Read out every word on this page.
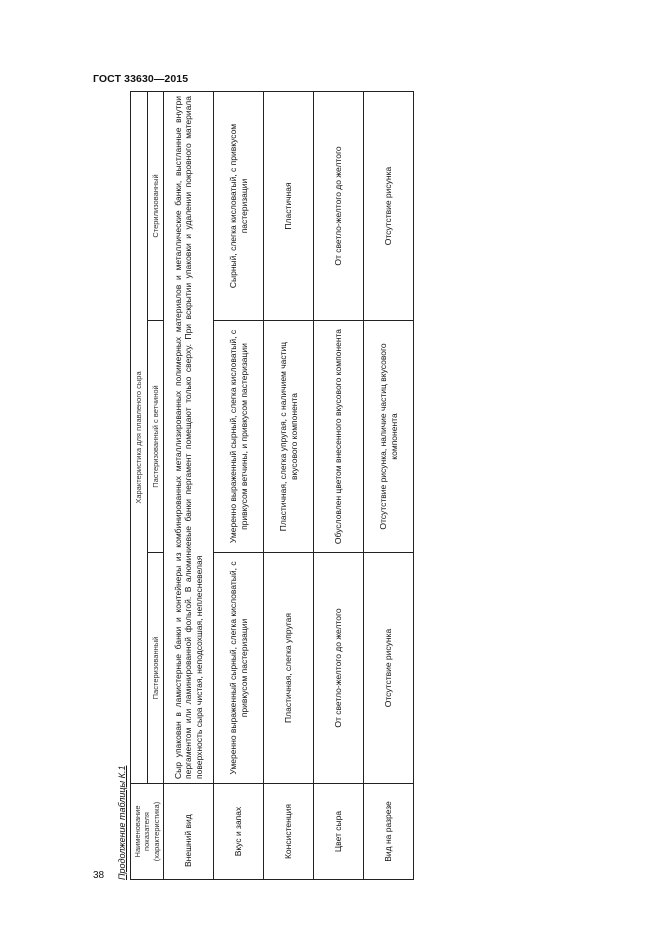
ГОСТ 33630—2015
38 Продолжение таблицы К.1 Наименование показателя (характеристика)	Характеристика для плавленого сыра		
	Пастеризованный	Пастеризованный с ветчиной	Стерилизованный
Внешний вид	Сыр упакован в ламистерные банки и контейнеры из комбинированных металлизированных полимерных материалов и металлические банки, выстланные внутри пергаментом или ламинированной фольгой. В алюминиевые банки пергамент помещают только сверху. При вскрытии упаковки и удалении покровного материала поверхность сыра чистая, неподсохшая, неплесневелая		
Вкус и запах	Умеренно выраженный сырный, слегка кисловатый, с привкусом пастеризации	Умеренно выраженный сырный, слегка кисловатый, с привкусом ветчины, и привкусом пастеризации	Сырный, слегка кисловатый, с привкусом пастеризации
Консистенция	Пластичная, слегка упругая	Пластичная, слегка упругая, с наличием частиц вкусового компонента	Пластичная
Цвет сыра	От светло-желтого до желтого	Обусловлен цветом внесенного вкусового компонента	От светло-желтого до желтого
Вид на разрезе	Отсутствие рисунка	Отсутствие рисунка, наличие частиц вкусового компонента	Отсутствие рисунка
